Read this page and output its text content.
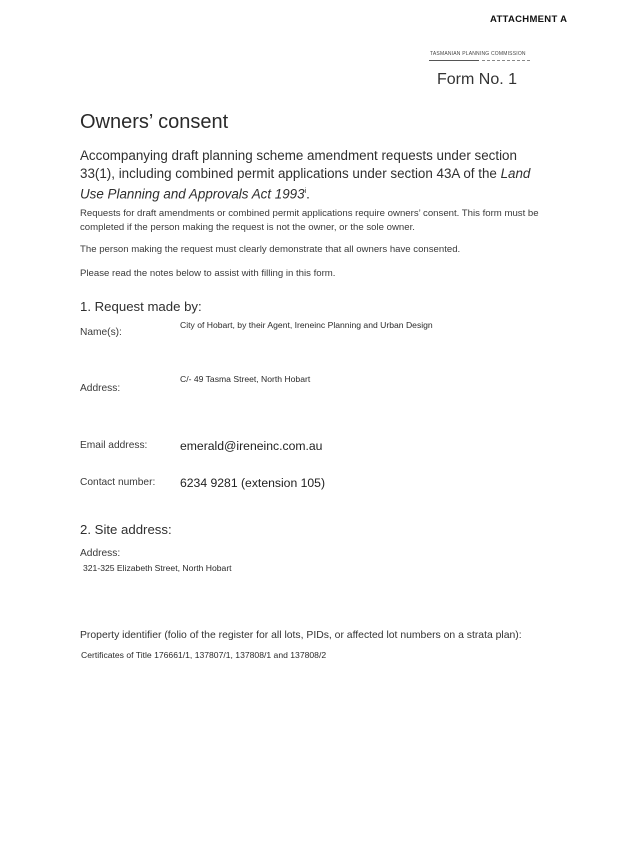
ATTACHMENT A
TASMANIAN PLANNING COMMISSION
Form No. 1
Owners’ consent
Accompanying draft planning scheme amendment requests under section 33(1), including combined permit applications under section 43A of the Land Use Planning and Approvals Act 1993$^i$.
Requests for draft amendments or combined permit applications require owners’ consent. This form must be completed if the person making the request is not the owner, or the sole owner.
The person making the request must clearly demonstrate that all owners have consented.
Please read the notes below to assist with filling in this form.
1. Request made by:
Name(s):
City of Hobart, by their Agent, Ireneinc Planning and Urban Design
Address:
C/- 49 Tasma Street, North Hobart
Email address:	emerald@ireneinc.com.au
Contact number: 6234 9281 (extension 105)
2. Site address:
Address:
321-325 Elizabeth Street, North Hobart
Property identifier (folio of the register for all lots, PIDs, or affected lot numbers on a strata plan):
Certificates of Title 176661/1, 137807/1, 137808/1 and 137808/2
